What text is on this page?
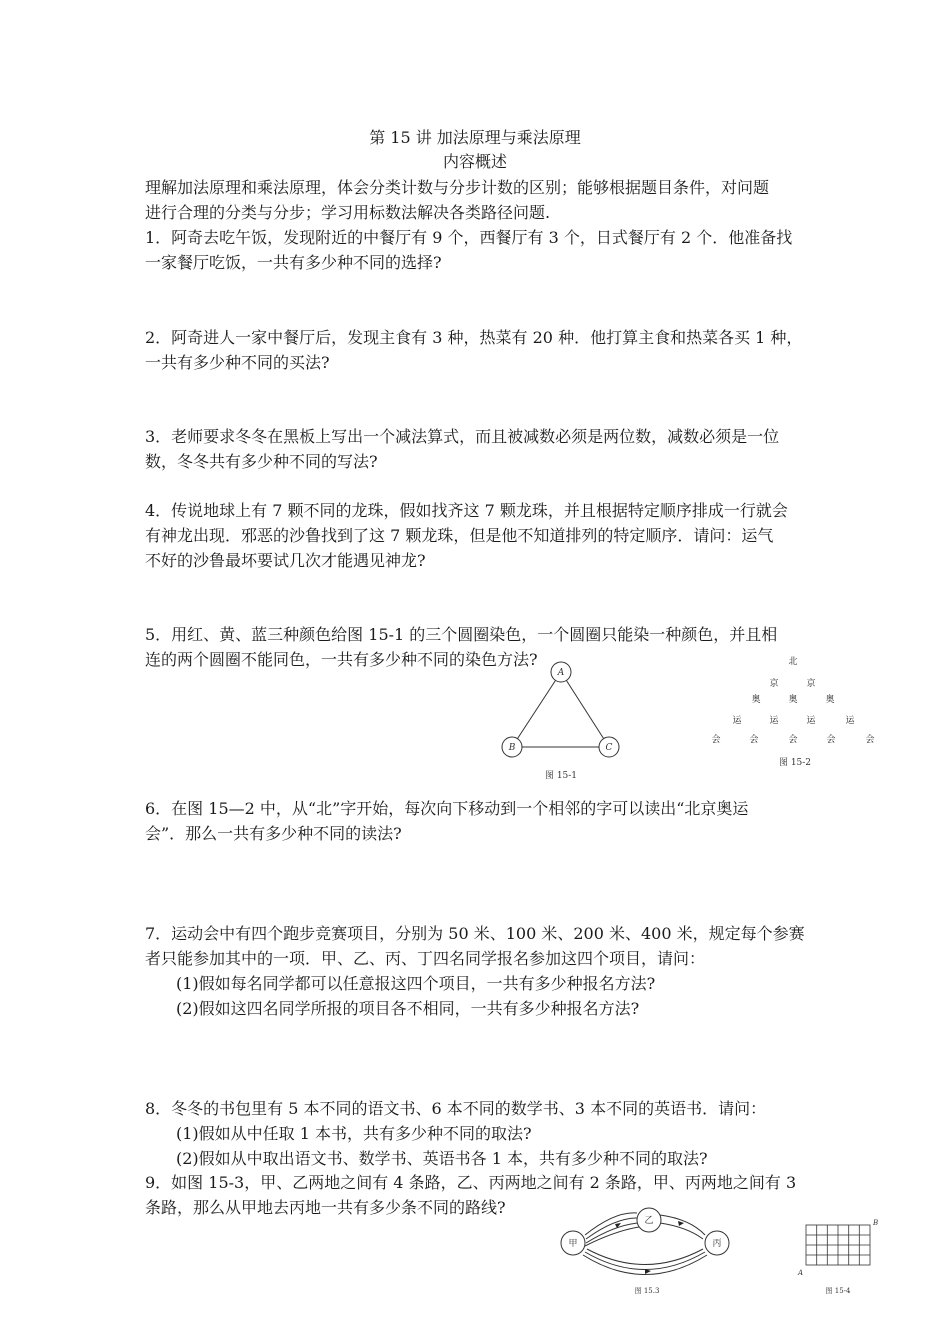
第 15 讲 加法原理与乘法原理
内容概述
理解加法原理和乘法原理，体会分类计数与分步计数的区别；能够根据题目条件，对问题
进行合理的分类与分步；学习用标数法解决各类路径问题.
1．阿奇去吃午饭，发现附近的中餐厅有 9 个，西餐厅有 3 个，日式餐厅有 2 个．他准备找
一家餐厅吃饭，一共有多少种不同的选择?
2．阿奇进人一家中餐厅后，发现主食有 3 种，热菜有 20 种．他打算主食和热菜各买 1 种，
一共有多少种不同的买法?
3．老师要求冬冬在黑板上写出一个减法算式，而且被减数必须是两位数，减数必须是一位
数，冬冬共有多少种不同的写法?
4．传说地球上有 7 颗不同的龙珠，假如找齐这 7 颗龙珠，并且根据特定顺序排成一行就会
有神龙出现．邪恶的沙鲁找到了这 7 颗龙珠，但是他不知道排列的特定顺序．请问：运气
不好的沙鲁最坏要试几次才能遇见神龙?
5．用红、黄、蓝三种颜色给图 15-1 的三个圆圈染色，一个圆圈只能染一种颜色，并且相
连的两个圆圈不能同色，一共有多少种不同的染色方法?
A
B	C
图 15-1
北
京	京
奥	奥	奥
运	运	运	运
会	会	会	会	会
图 15-2
6．在图 15—2 中，从“北”字开始，每次向下移动到一个相邻的字可以读出“北京奥运
会”．那么一共有多少种不同的读法?
7．运动会中有四个跑步竞赛项目，分别为 50 米、100 米、200 米、400 米，规定每个参赛
者只能参加其中的一项．甲、乙、丙、丁四名同学报名参加这四个项目，请问：
(1)假如每名同学都可以任意报这四个项目，一共有多少种报名方法?
(2)假如这四名同学所报的项目各不相同，一共有多少种报名方法?
8．冬冬的书包里有 5 本不同的语文书、6 本不同的数学书、3 本不同的英语书．请问：
(1)假如从中任取 1 本书，共有多少种不同的取法?
(2)假如从中取出语文书、数学书、英语书各 1 本，共有多少种不同的取法?
9．如图 15-3，甲、乙两地之间有 4 条路，乙、丙两地之间有 2 条路，甲、丙两地之间有 3
条路，那么从甲地去丙地一共有多少条不同的路线?
甲
乙
丙
图 15.3
A
B
图 15-4
